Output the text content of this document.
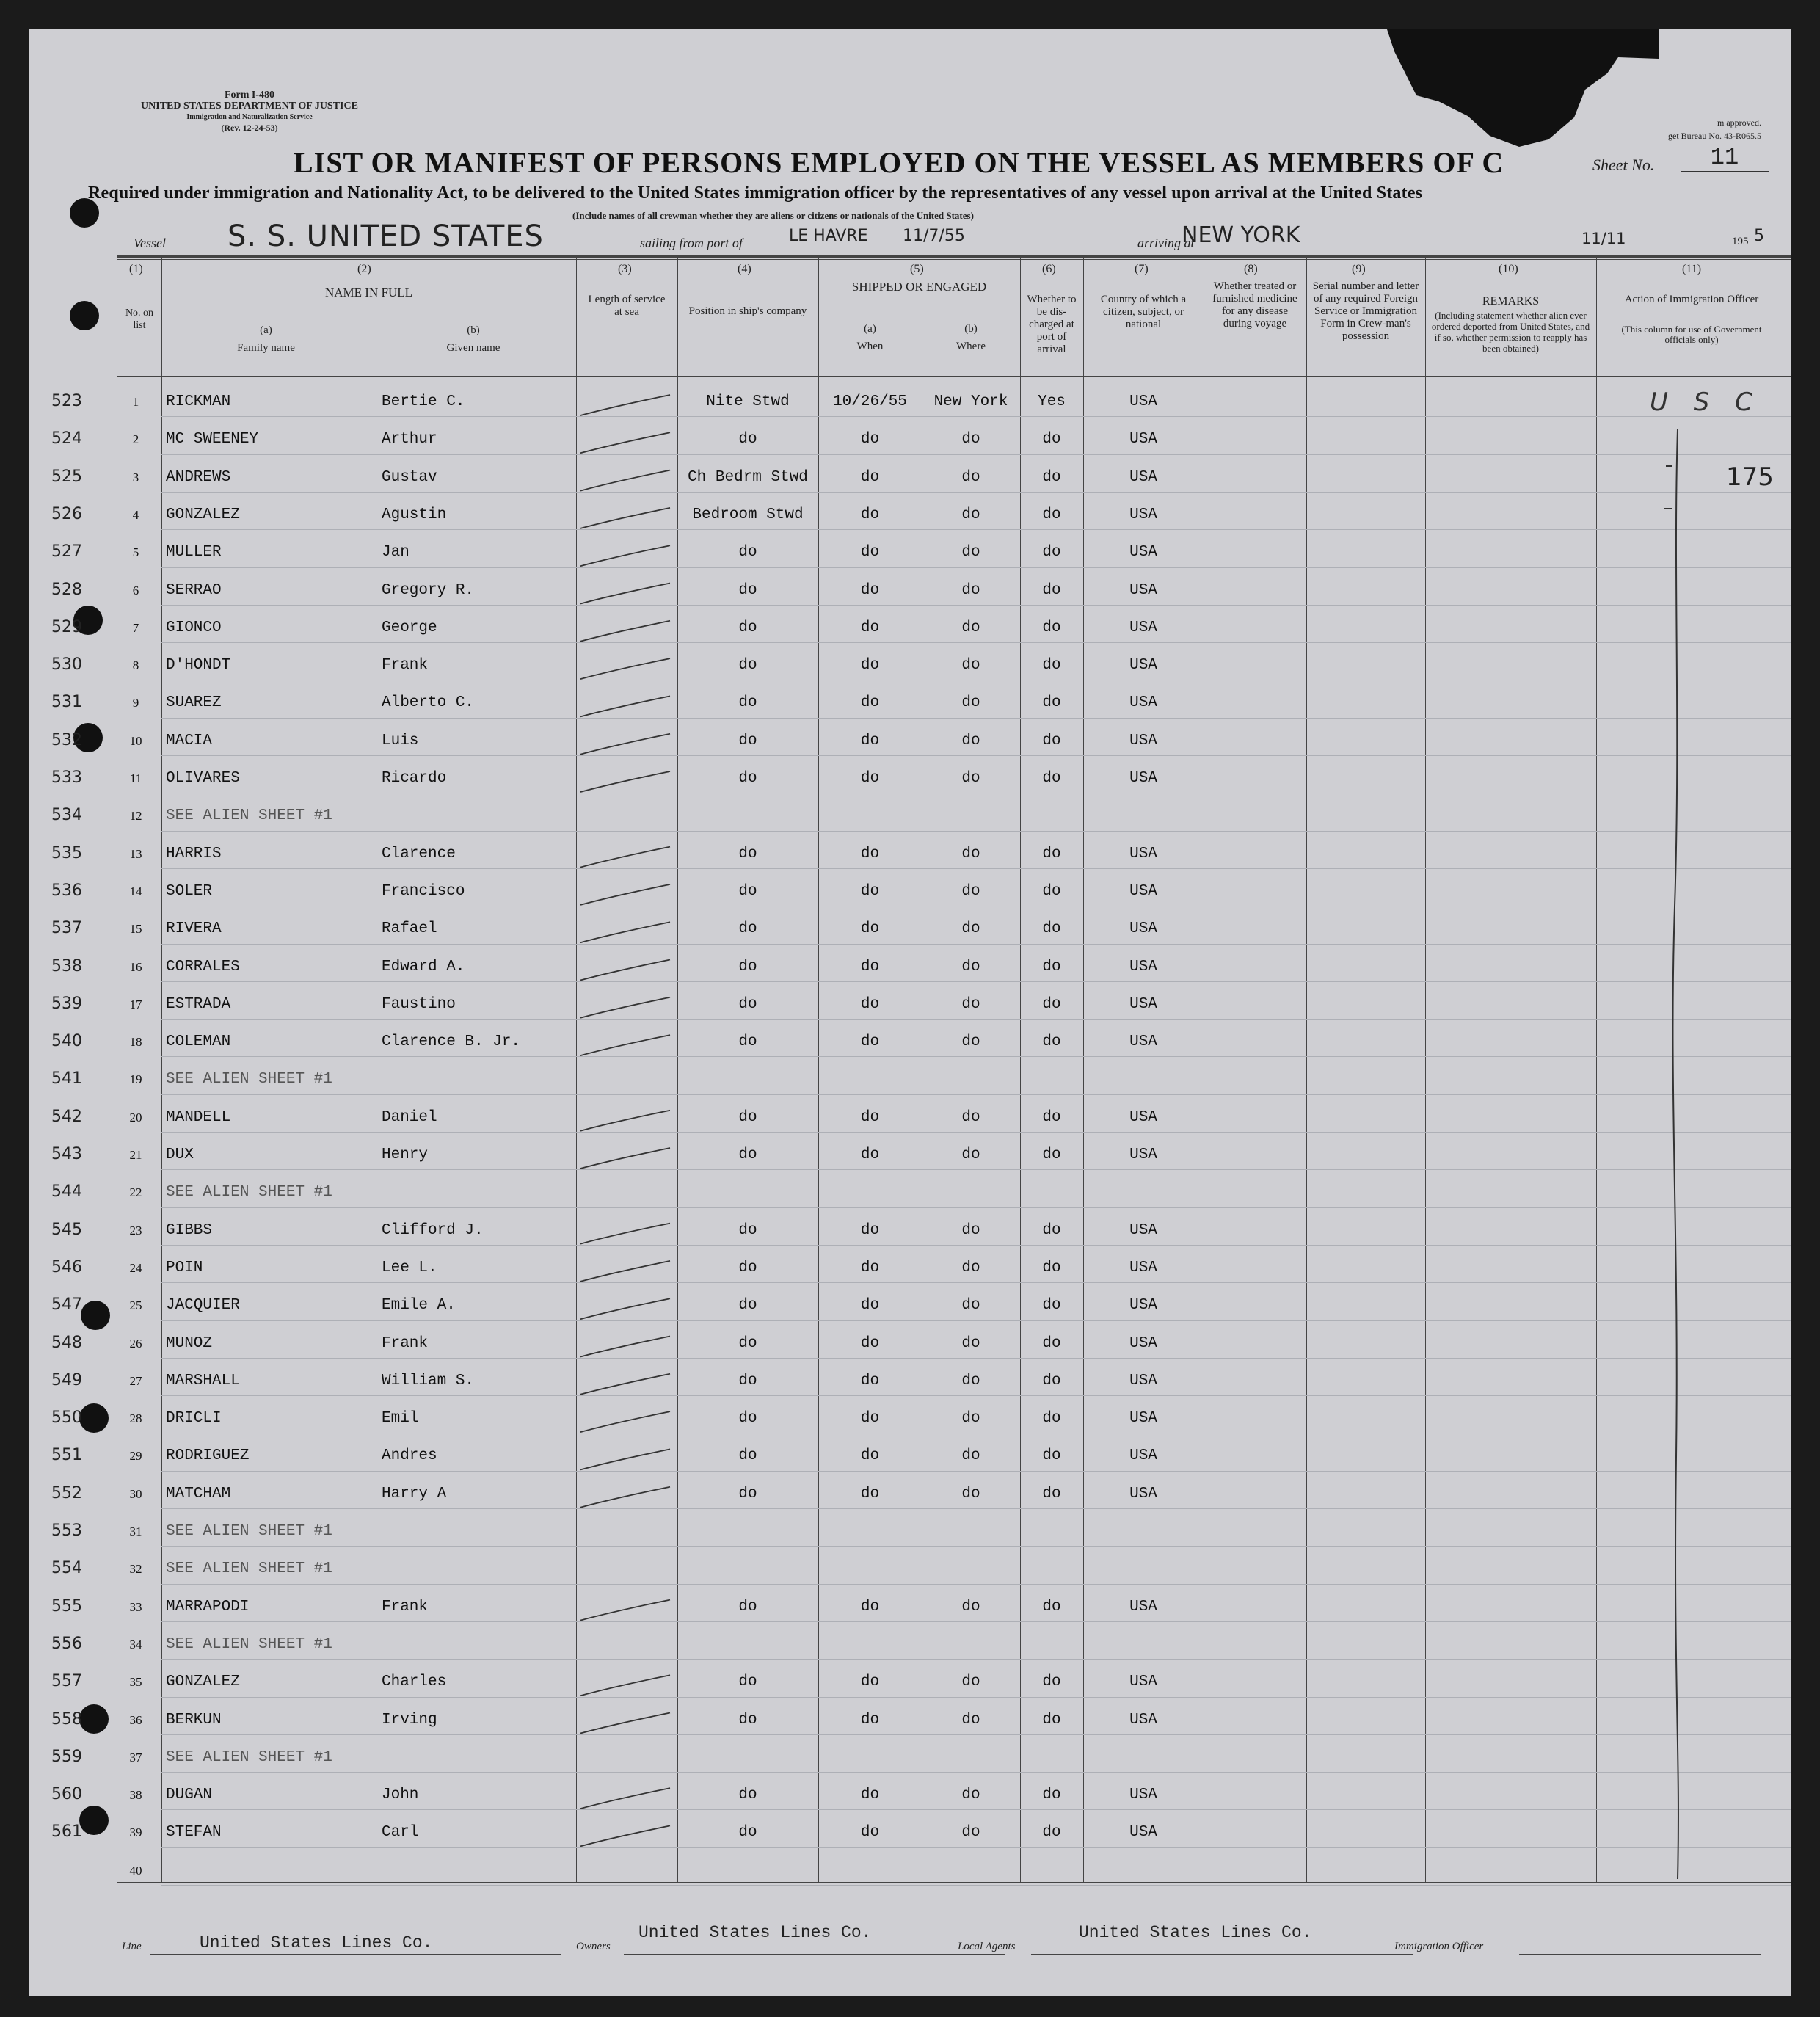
Form I-480
UNITED STATES DEPARTMENT OF JUSTICE
Immigration and Naturalization Service
(Rev. 12-24-53)	m approved.
get Bureau No. 43-R065.5
LIST OR MANIFEST OF PERSONS EMPLOYED ON THE VESSEL AS MEMBERS OF C	Sheet No.	11
Required under immigration and Nationality Act, to be delivered to the United States immigration officer by the representatives of any vessel upon arrival at the United States
(Include names of all crewman whether they are aliens or citizens or nationals of the United States)
Vessel S. S. UNITED STATES	sailing from port of	LE HAVRE 11/7/55	arriving at
NEW YORK	11/11	195 5
(1)	(2)	(3)	(4)	(5)	(6)	(7)	(8)	(9)	(10)	(11)
No. on list
NAME IN FULL
(a)
Family name
(b)
Given name
Length of service at sea	Position in ship's company
SHIPPED OR ENGAGED
(a)
When
(b)
Where
Whether to be dis-charged at port of arrival
Country of which a citizen, subject, or national
Whether treated or furnished medicine for any disease during voyage
Serial number and letter of any required Foreign Service or Immigration Form in Crew-man's possession
REMARKS
(Including statement whether alien ever ordered deported from United States, and if so, whether permission to reapply has been obtained)
Action of Immigration Officer
(This column for use of Government officials only)
523	1	RICKMAN	Bertie C.	Nite Stwd	10/26/55	New York	Yes	USA
524	2	MC SWEENEY	Arthur	do	do	do	do	USA
525	3	ANDREWS	Gustav	Ch Bedrm Stwd	do	do	do	USA
526	4	GONZALEZ	Agustin	Bedroom Stwd	do	do	do	USA
527	5	MULLER	Jan	do	do	do	do	USA
528	6	SERRAO	Gregory R.	do	do	do	do	USA
529	7	GIONCO	George	do	do	do	do	USA
530	8	D'HONDT	Frank	do	do	do	do	USA
531	9	SUAREZ	Alberto C.	do	do	do	do	USA
532	10	MACIA	Luis	do	do	do	do	USA
533	11	OLIVARES	Ricardo	do	do	do	do	USA
534	12	SEE ALIEN SHEET #1
535	13	HARRIS	Clarence	do	do	do	do	USA
536	14	SOLER	Francisco	do	do	do	do	USA
537	15	RIVERA	Rafael	do	do	do	do	USA
538	16	CORRALES	Edward A.	do	do	do	do	USA
539	17	ESTRADA	Faustino	do	do	do	do	USA
540	18	COLEMAN	Clarence B. Jr.	do	do	do	do	USA
541	19	SEE ALIEN SHEET #1
542	20	MANDELL	Daniel	do	do	do	do	USA
543	21	DUX	Henry	do	do	do	do	USA
544	22	SEE ALIEN SHEET #1
545	23	GIBBS	Clifford J.	do	do	do	do	USA
546	24	POIN	Lee L.	do	do	do	do	USA
547	25	JACQUIER	Emile A.	do	do	do	do	USA
548	26	MUNOZ	Frank	do	do	do	do	USA
549	27	MARSHALL	William S.	do	do	do	do	USA
550	28	DRICLI	Emil	do	do	do	do	USA
551	29	RODRIGUEZ	Andres	do	do	do	do	USA
552	30	MATCHAM	Harry A	do	do	do	do	USA
553	31	SEE ALIEN SHEET #1
554	32	SEE ALIEN SHEET #1
555	33	MARRAPODI	Frank	do	do	do	do	USA
556	34	SEE ALIEN SHEET #1
557	35	GONZALEZ	Charles	do	do	do	do	USA
558	36	BERKUN	Irving	do	do	do	do	USA
559	37	SEE ALIEN SHEET #1
560	38	DUGAN	John	do	do	do	do	USA
561	39	STEFAN	Carl	do	do	do	do	USA
40
U S C
175
Line	United States Lines Co.	Owners
United States Lines Co.
Local Agents
United States Lines Co.
Immigration Officer
